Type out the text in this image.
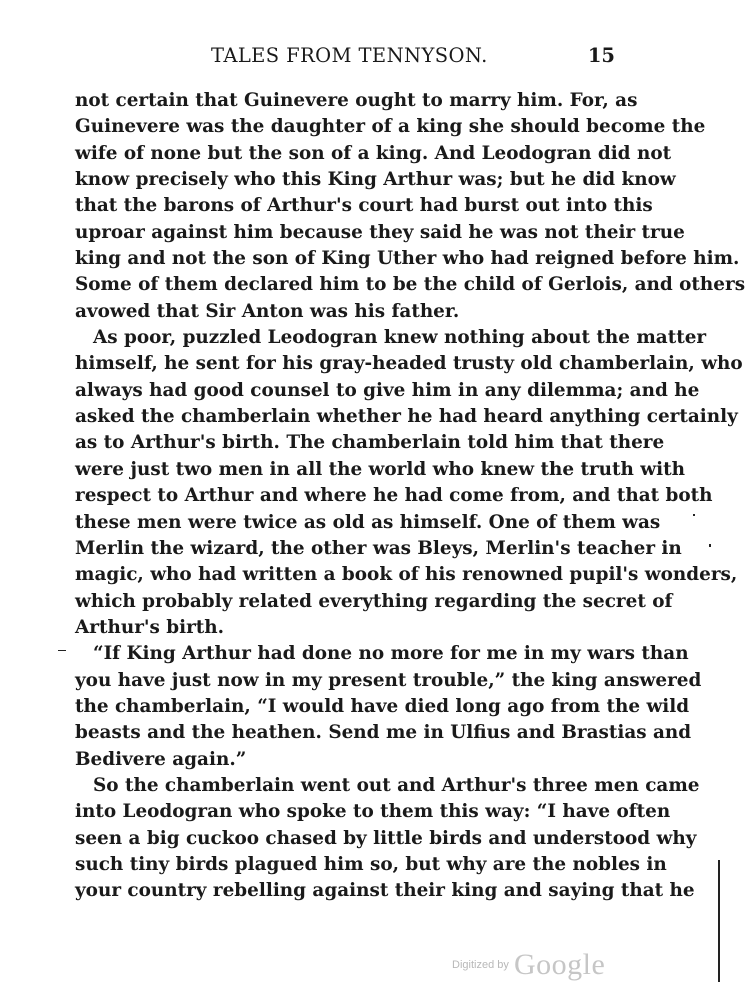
TALES FROM TENNYSON.	15
not certain that Guinevere ought to marry him. For, as
Guinevere was the daughter of a king she should become the
wife of none but the son of a king. And Leodogran did not
know precisely who this King Arthur was; but he did know
that the barons of Arthur's court had burst out into this
uproar against him because they said he was not their true
king and not the son of King Uther who had reigned before him.
Some of them declared him to be the child of Gerlois, and others
avowed that Sir Anton was his father.
As poor, puzzled Leodogran knew nothing about the matter
himself, he sent for his gray-headed trusty old chamberlain, who
always had good counsel to give him in any dilemma; and he
asked the chamberlain whether he had heard anything certainly
as to Arthur's birth. The chamberlain told him that there
were just two men in all the world who knew the truth with
respect to Arthur and where he had come from, and that both
these men were twice as old as himself. One of them was
Merlin the wizard, the other was Bleys, Merlin's teacher in
magic, who had written a book of his renowned pupil's wonders,
which probably related everything regarding the secret of
Arthur's birth.
“If King Arthur had done no more for me in my wars than
you have just now in my present trouble,” the king answered
the chamberlain, “I would have died long ago from the wild
beasts and the heathen. Send me in Ulfius and Brastias and
Bedivere again.”
So the chamberlain went out and Arthur's three men came
into Leodogran who spoke to them this way: “I have often
seen a big cuckoo chased by little birds and understood why
such tiny birds plagued him so, but why are the nobles in
your country rebelling against their king and saying that he
Digitized by Google
